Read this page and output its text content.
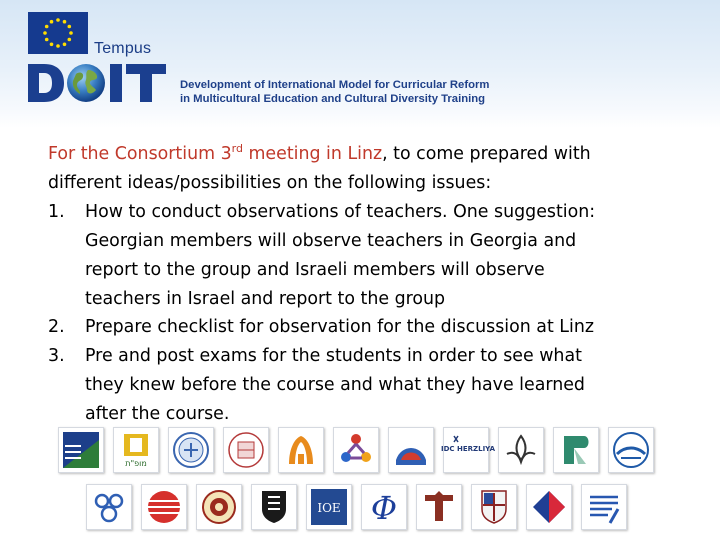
Tempus
Development of International Model for Curricular Reform
in Multicultural Education and Cultural Diversity Training
For the Consortium 3rd meeting in Linz, to come prepared with
different ideas/possibilities on the following issues:
1. How to conduct observations of teachers. One suggestion:
Georgian members will observe teachers in Georgia and
report to the group and Israeli members will observe
teachers in Israel and report to the group
2. Prepare checklist for observation for the discussion at Linz
3. Pre and post exams for the students in order to see what
they knew before the course and what they have learned
after the course.
מופ"ת
IDC HERZLIYA
IOE Φ
